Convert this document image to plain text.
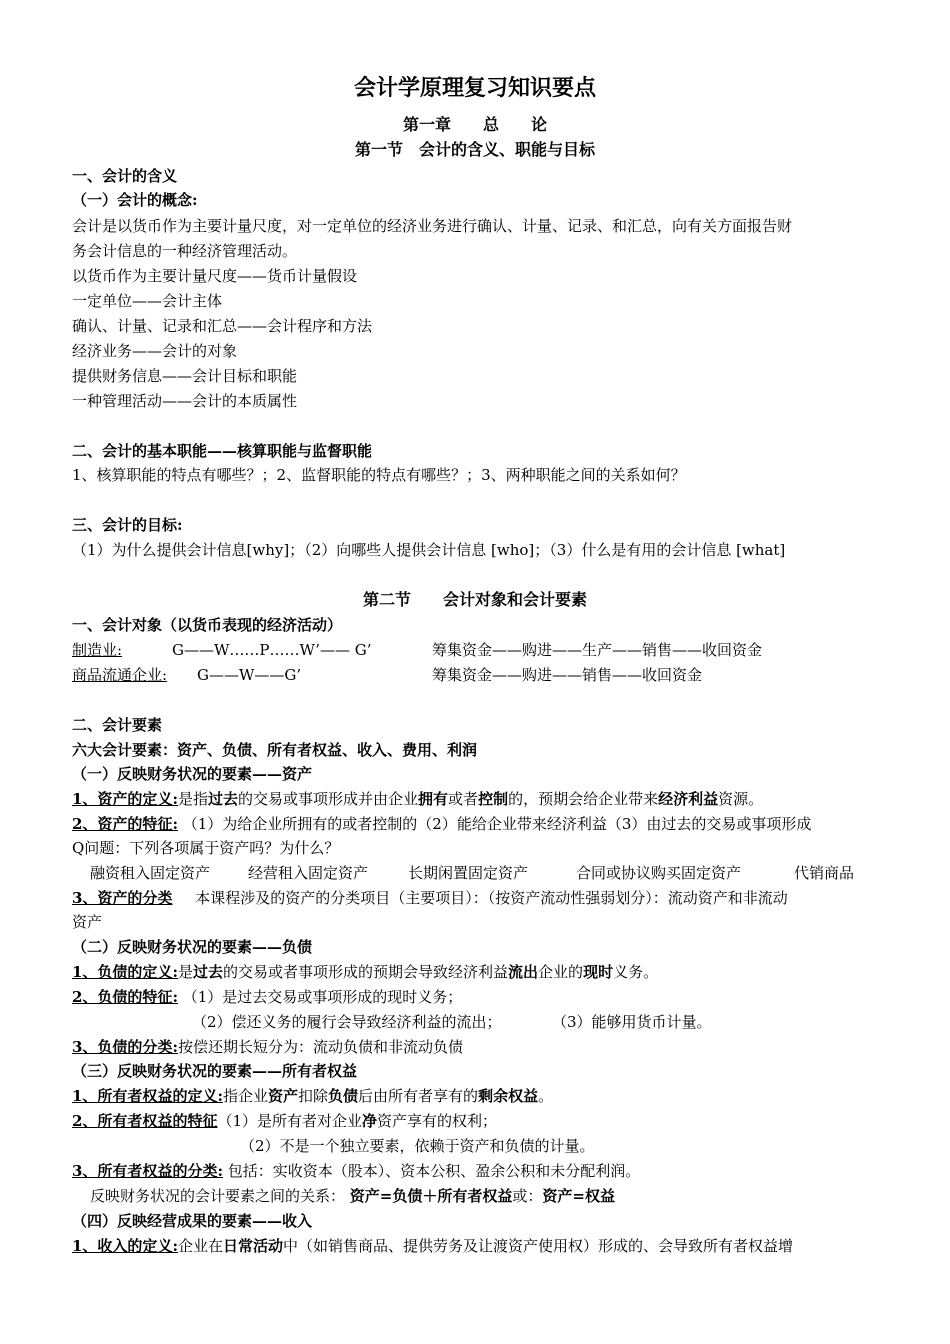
会计学原理复习知识要点
第一章　　总　　论
第一节　会计的含义、职能与目标
一、会计的含义
（一）会计的概念:
会计是以货币作为主要计量尺度，对一定单位的经济业务进行确认、计量、记录、和汇总，向有关方面报告财
务会计信息的一种经济管理活动。
以货币作为主要计量尺度——货币计量假设
一定单位——会计主体
确认、计量、记录和汇总——会计程序和方法
经济业务——会计的对象
提供财务信息——会计目标和职能
一种管理活动——会计的本质属性
二、会计的基本职能——核算职能与监督职能
1、核算职能的特点有哪些？；2、监督职能的特点有哪些？；3、两种职能之间的关系如何？
三、会计的目标:
（1）为什么提供会计信息[why]；（2）向哪些人提供会计信息 [who]；（3）什么是有用的会计信息 [what]
第二节　　会计对象和会计要素
一、会计对象（以货币表现的经济活动）
制造业:	G——W……P……W’—— G’	筹集资金——购进——生产——销售——收回资金
商品流通企业: G——W——G’	筹集资金——购进——销售——收回资金
二、会计要素
六大会计要素：资产、负债、所有者权益、收入、费用、利润
（一）反映财务状况的要素——资产
1、资产的定义:是指过去的交易或事项形成并由企业拥有或者控制的，预期会给企业带来经济利益资源。
2、资产的特征: （1）为给企业所拥有的或者控制的（2）能给企业带来经济利益（3）由过去的交易或事项形成
Q问题：下列各项属于资产吗？为什么？
融资租入固定资产	经营租入固定资产	长期闲置固定资产	合同或协议购买固定资产	代销商品
3、资产的分类 本课程涉及的资产的分类项目（主要项目）：（按资产流动性强弱划分）：流动资产和非流动
资产
（二）反映财务状况的要素——负债
1、负债的定义:是过去的交易或者事项形成的预期会导致经济利益流出企业的现时义务。
2、负债的特征: （1）是过去交易或事项形成的现时义务；
（2）偿还义务的履行会导致经济利益的流出；	（3）能够用货币计量。
3、负债的分类:按偿还期长短分为：流动负债和非流动负债
（三）反映财务状况的要素——所有者权益
1、所有者权益的定义:指企业资产扣除负债后由所有者享有的剩余权益。
2、所有者权益的特征（1）是所有者对企业净资产享有的权利；
（2）不是一个独立要素，依赖于资产和负债的计量。
3、所有者权益的分类: 包括：实收资本（股本）、资本公积、盈余公积和未分配利润。
反映财务状况的会计要素之间的关系： 资产=负债＋所有者权益或：资产=权益
（四）反映经营成果的要素——收入
1、收入的定义:企业在日常活动中（如销售商品、提供劳务及让渡资产使用权）形成的、会导致所有者权益增
